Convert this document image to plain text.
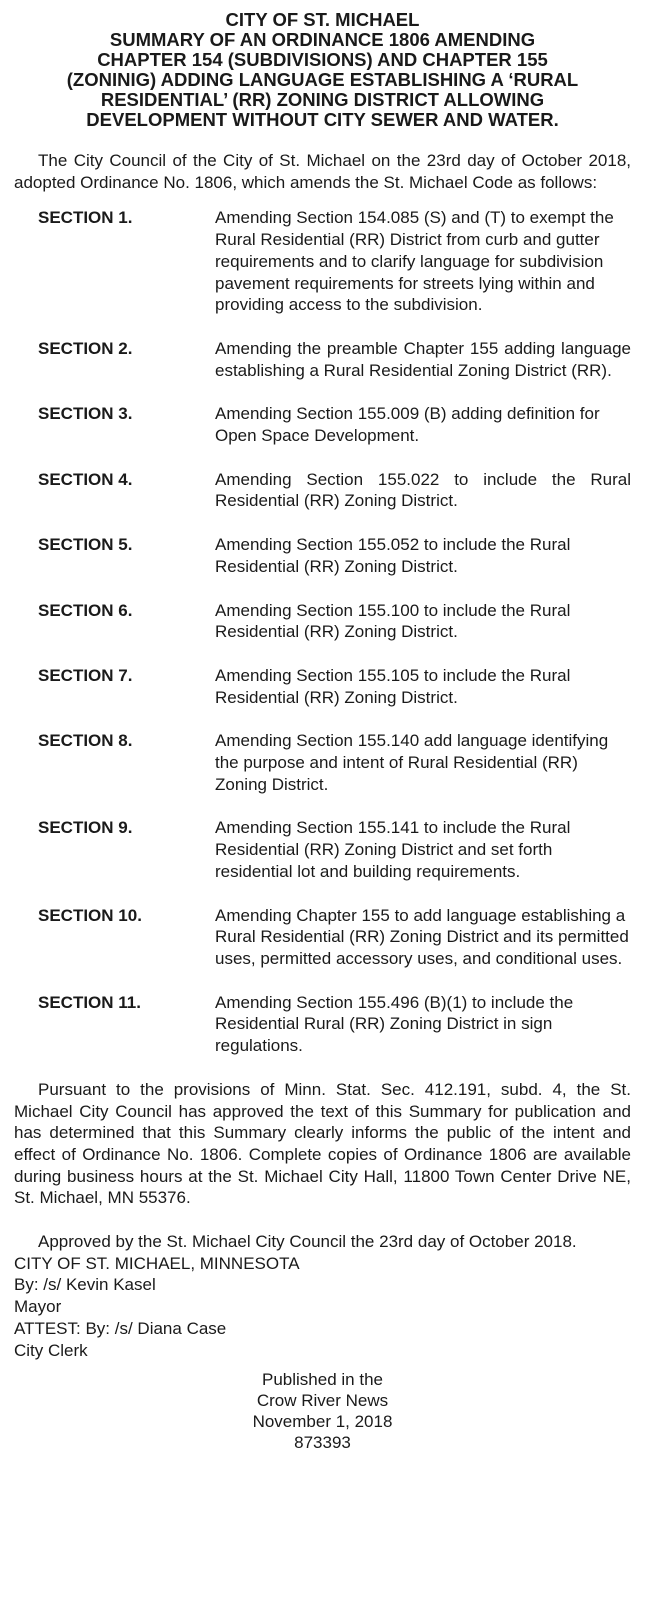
CITY OF ST. MICHAEL
SUMMARY OF AN ORDINANCE 1806 AMENDING
CHAPTER 154 (SUBDIVISIONS) AND CHAPTER 155
(ZONINIG) ADDING LANGUAGE ESTABLISHING A ‘RURAL
RESIDENTIAL’ (RR) ZONING DISTRICT ALLOWING
DEVELOPMENT WITHOUT CITY SEWER AND WATER.

The City Council of the City of St. Michael on the 23rd day of October 2018, adopted Ordinance No. 1806, which amends the St. Michael Code as follows:

SECTION 1.	Amending Section 154.085 (S) and (T) to exempt the Rural Residential (RR) District from curb and gutter requirements and to clarify language for subdivision pavement requirements for streets lying within and providing access to the subdivision.
SECTION 2.	Amending the preamble Chapter 155 adding language establishing a Rural Residential Zoning District (RR).
SECTION 3.	Amending Section 155.009 (B) adding definition for Open Space Development.
SECTION 4.	Amending Section 155.022 to include the Rural Residential (RR) Zoning District.
SECTION 5.	Amending Section 155.052 to include the Rural Residential (RR) Zoning District.
SECTION 6.	Amending Section 155.100 to include the Rural Residential (RR) Zoning District.
SECTION 7.	Amending Section 155.105 to include the Rural Residential (RR) Zoning District.
SECTION 8.	Amending Section 155.140 add language identifying the purpose and intent of Rural Residential (RR) Zoning District.
SECTION 9.	Amending Section 155.141 to include the Rural Residential (RR) Zoning District and set forth residential lot and building requirements.
SECTION 10.	Amending Chapter 155 to add language establishing a Rural Residential (RR) Zoning District and its permitted uses, permitted accessory uses, and conditional uses.
SECTION 11.	Amending Section 155.496 (B)(1) to include the Residential Rural (RR) Zoning District in sign regulations.

Pursuant to the provisions of Minn. Stat. Sec. 412.191, subd. 4, the St. Michael City Council has approved the text of this Summary for publication and has determined that this Summary clearly informs the public of the intent and effect of Ordinance No. 1806. Complete copies of Ordinance 1806 are available during business hours at the St. Michael City Hall, 11800 Town Center Drive NE, St. Michael, MN 55376.

Approved by the St. Michael City Council the 23rd day of October 2018.

CITY OF ST. MICHAEL, MINNESOTA
By: /s/ Kevin Kasel
Mayor
ATTEST: By: /s/ Diana Case
City Clerk
Published in the
Crow River News
November 1, 2018
873393
